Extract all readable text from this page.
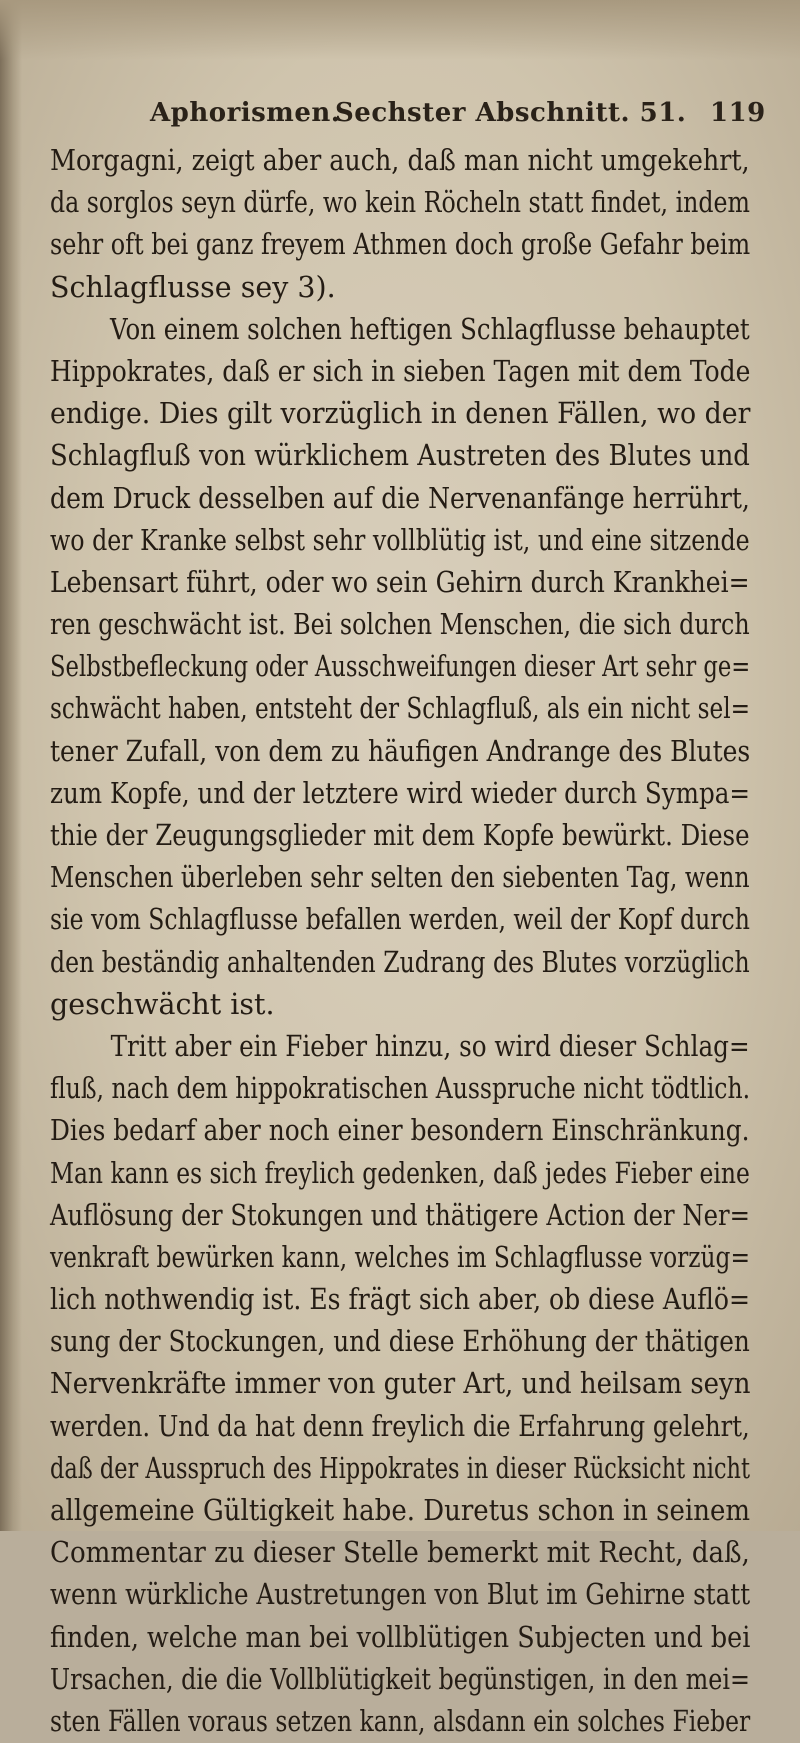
Aphorismen.
Sechster Abschnitt. 51. 119
Morgagni, zeigt aber auch, daß man nicht umgekehrt,
da sorglos seyn dürfe, wo kein Röcheln statt findet, indem
sehr oft bei ganz freyem Athmen doch große Gefahr beim
Schlagflusse sey 3).
Von einem solchen heftigen Schlagflusse behauptet
Hippokrates, daß er sich in sieben Tagen mit dem Tode
endige. Dies gilt vorzüglich in denen Fällen, wo der
Schlagfluß von würklichem Austreten des Blutes und
dem Druck desselben auf die Nervenanfänge herrührt,
wo der Kranke selbst sehr vollblütig ist, und eine sitzende
Lebensart führt, oder wo sein Gehirn durch Krankhei=
ren geschwächt ist. Bei solchen Menschen, die sich durch
Selbstbefleckung oder Ausschweifungen dieser Art sehr ge=
schwächt haben, entsteht der Schlagfluß, als ein nicht sel=
tener Zufall, von dem zu häufigen Andrange des Blutes
zum Kopfe, und der letztere wird wieder durch Sympa=
thie der Zeugungsglieder mit dem Kopfe bewürkt. Diese
Menschen überleben sehr selten den siebenten Tag, wenn
sie vom Schlagflusse befallen werden, weil der Kopf durch
den beständig anhaltenden Zudrang des Blutes vorzüglich
geschwächt ist.
Tritt aber ein Fieber hinzu, so wird dieser Schlag=
fluß, nach dem hippokratischen Ausspruche nicht tödtlich.
Dies bedarf aber noch einer besondern Einschränkung.
Man kann es sich freylich gedenken, daß jedes Fieber eine
Auflösung der Stokungen und thätigere Action der Ner=
venkraft bewürken kann, welches im Schlagflusse vorzüg=
lich nothwendig ist. Es frägt sich aber, ob diese Auflö=
sung der Stockungen, und diese Erhöhung der thätigen
Nervenkräfte immer von guter Art, und heilsam seyn
werden. Und da hat denn freylich die Erfahrung gelehrt,
daß der Ausspruch des Hippokrates in dieser Rücksicht nicht
allgemeine Gültigkeit habe. Duretus schon in seinem
Commentar zu dieser Stelle bemerkt mit Recht, daß,
wenn würkliche Austretungen von Blut im Gehirne statt
finden, welche man bei vollblütigen Subjecten und bei
Ursachen, die die Vollblütigkeit begünstigen, in den mei=
sten Fällen voraus setzen kann, alsdann ein solches Fieber
